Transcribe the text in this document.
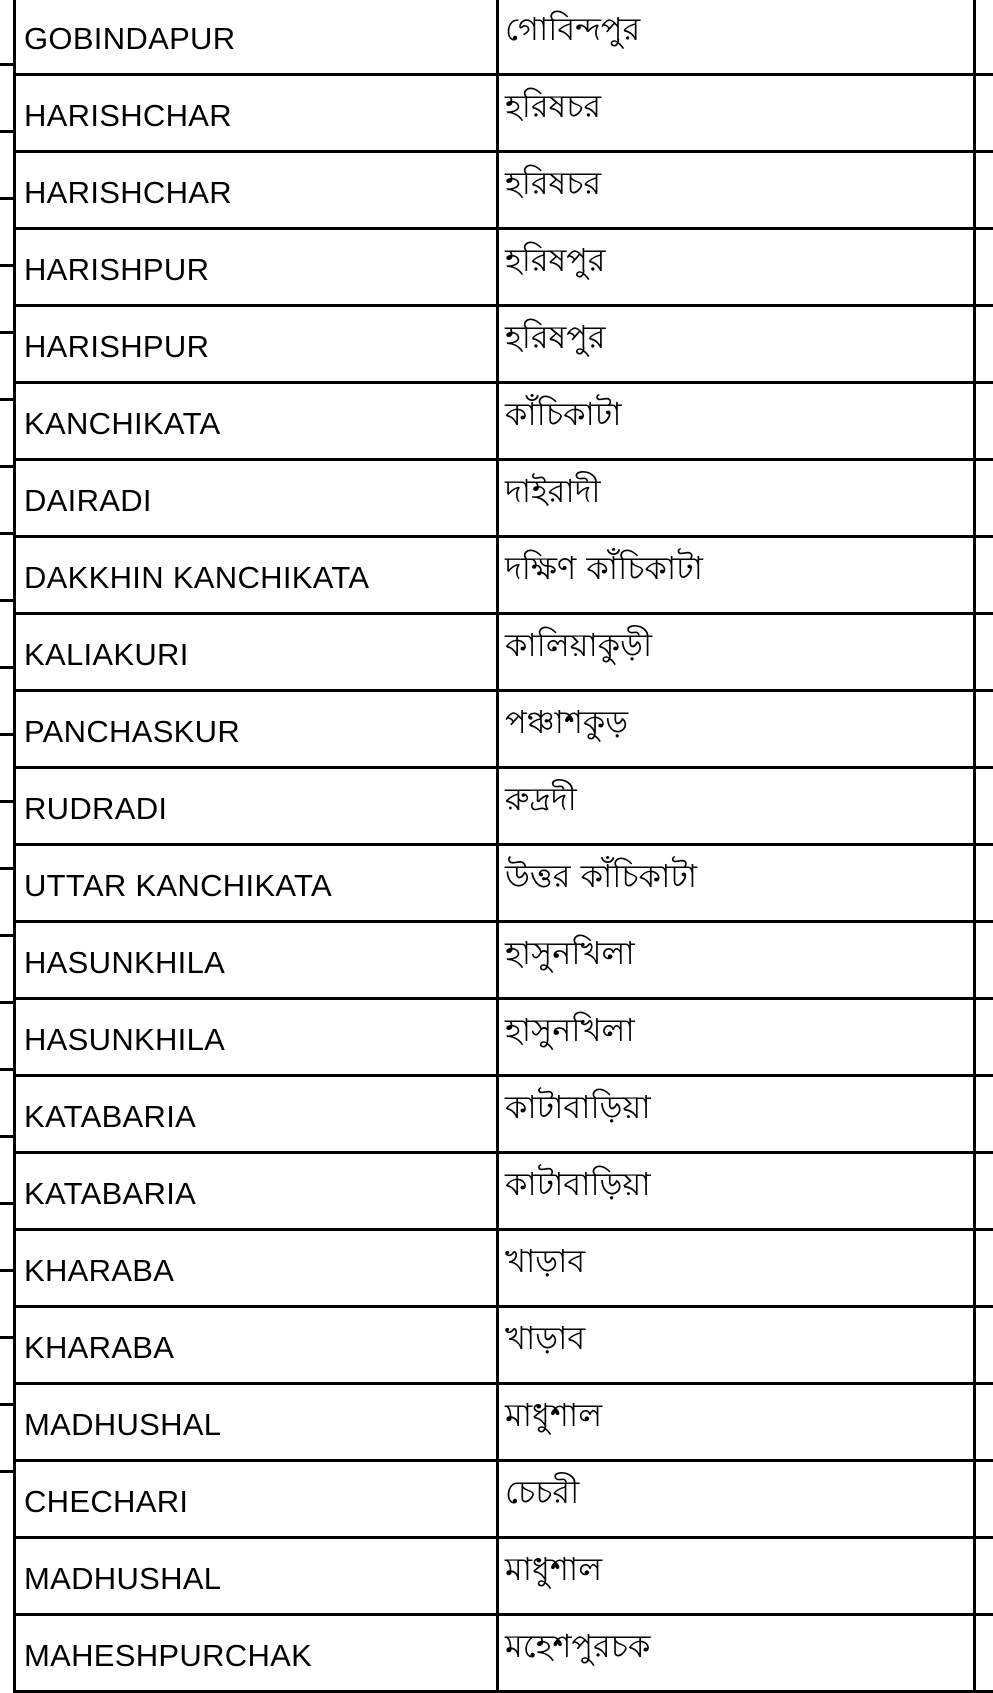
GOBINDAPUR	গোবিন্দপুর	
HARISHCHAR	হরিষচর	
HARISHCHAR	হরিষচর	
HARISHPUR	হরিষপুর	
HARISHPUR	হরিষপুর	
KANCHIKATA	কাঁচিকাটা	
DAIRADI	দাইরাদী	
DAKKHIN KANCHIKATA	দক্ষিণ কাঁচিকাটা	
KALIAKURI	কালিয়াকুড়ী	
PANCHASKUR	পঞ্চাশকুড়	
RUDRADI	রুদ্রদী	
UTTAR KANCHIKATA	উত্তর কাঁচিকাটা	
HASUNKHILA	হাসুনখিলা	
HASUNKHILA	হাসুনখিলা	
KATABARIA	কাটাবাড়িয়া	
KATABARIA	কাটাবাড়িয়া	
KHARABA	খাড়াব	
KHARABA	খাড়াব	
MADHUSHAL	মাধুশাল	
CHECHARI	চেচরী	
MADHUSHAL	মাধুশাল	
MAHESHPURCHAK	মহেশপুরচক	
